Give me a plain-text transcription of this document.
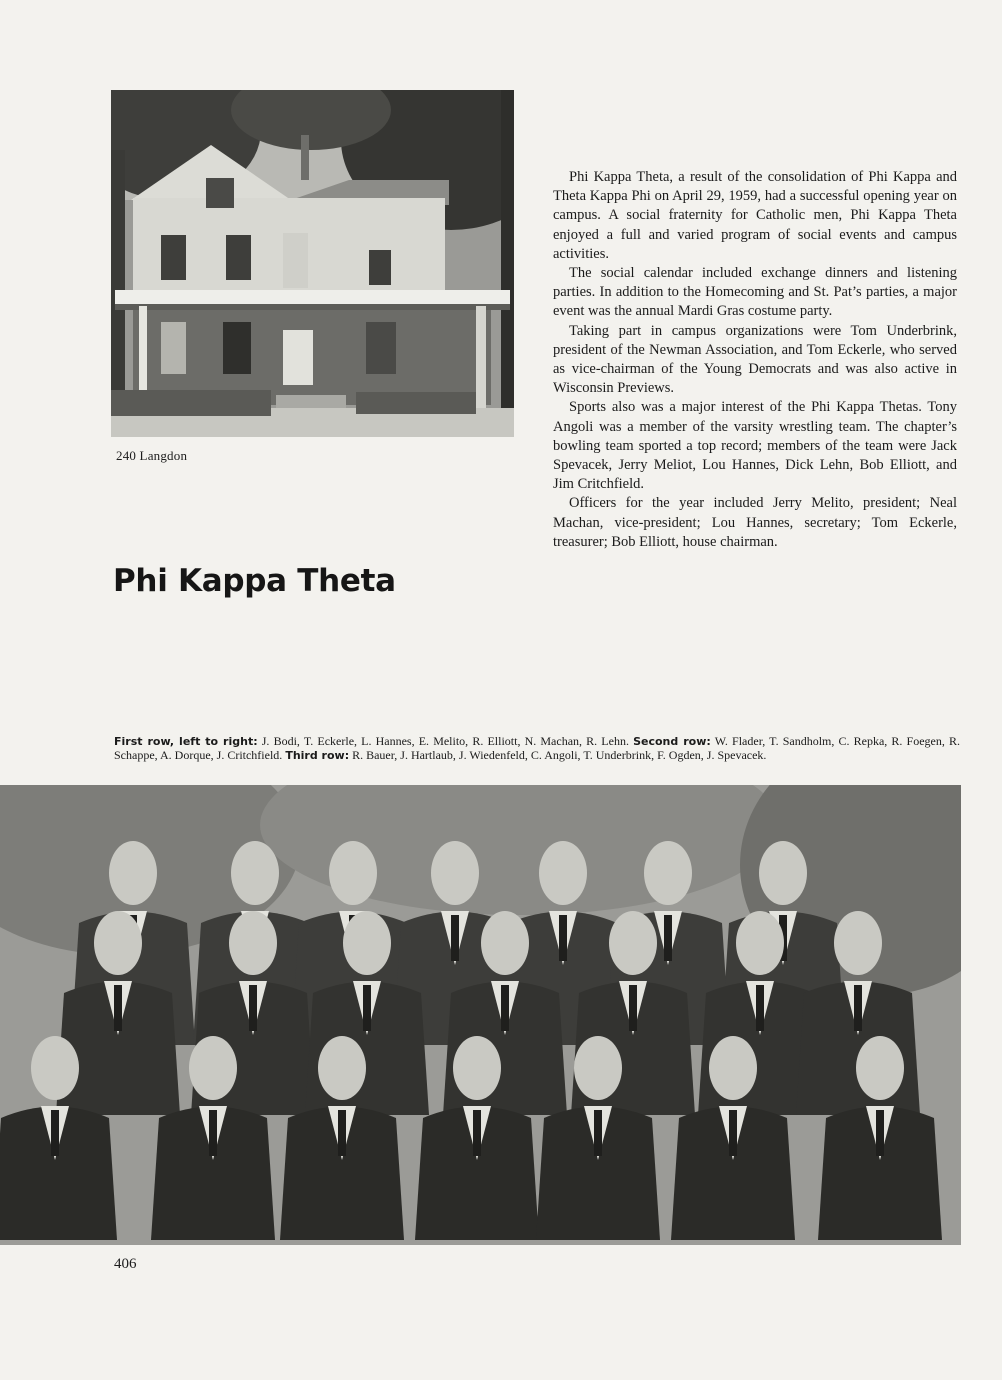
240 Langdon
Phi Kappa Theta

Phi Kappa Theta, a result of the consolidation of Phi Kappa and Theta Kappa Phi on April 29, 1959, had a successful opening year on campus. A social fraternity for Catholic men, Phi Kappa Theta enjoyed a full and varied program of social events and campus activities.

The social calendar included exchange dinners and listening parties. In addition to the Homecoming and St. Pat’s parties, a major event was the annual Mardi Gras costume party.

Taking part in campus organizations were Tom Underbrink, president of the Newman Association, and Tom Eckerle, who served as vice-chairman of the Young Democrats and was also active in Wisconsin Previews.

Sports also was a major interest of the Phi Kappa Thetas. Tony Angoli was a member of the varsity wrestling team. The chapter’s bowling team sported a top record; members of the team were Jack Spevacek, Jerry Meliot, Lou Hannes, Dick Lehn, Bob Elliott, and Jim Critchfield.

Officers for the year included Jerry Melito, president; Neal Machan, vice-president; Lou Hannes, secretary; Tom Eckerle, treasurer; Bob Elliott, house chairman.

First row, left to right: J. Bodi, T. Eckerle, L. Hannes, E. Melito, R. Elliott, N. Machan, R. Lehn. Second row: W. Flader, T. Sandholm, C. Repka, R. Foegen, R. Schappe, A. Dorque, J. Critchfield. Third row: R. Bauer, J. Hartlaub, J. Wiedenfeld, C. Angoli, T. Underbrink, F. Ogden, J. Spevacek.
406
